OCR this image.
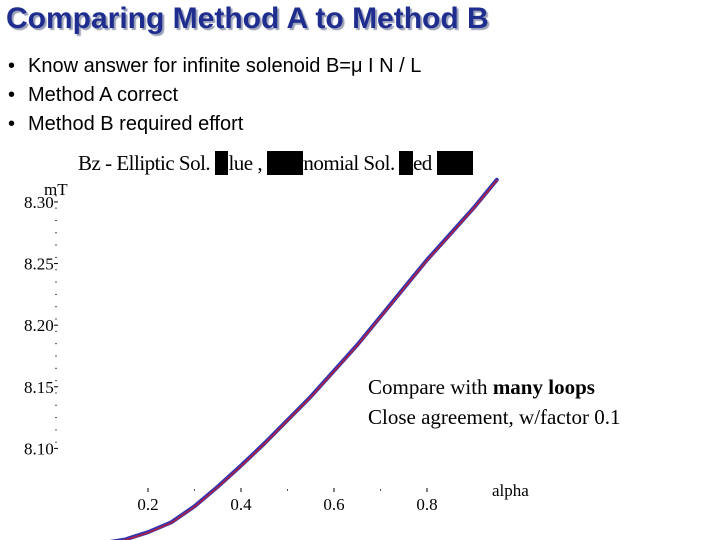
Comparing Method A to Method B
• Know answer for infinite solenoid B=μ I N / L
• Method A correct
• Method B required effort
Bz - Elliptic Sol. Blue , Polynomial Sol. Red Line
mT
alpha
8.10
8.15
8.20
8.25
8.30
0.2	0.4	0.6	0.8
Compare with many loops
Close agreement, w/factor 0.1
